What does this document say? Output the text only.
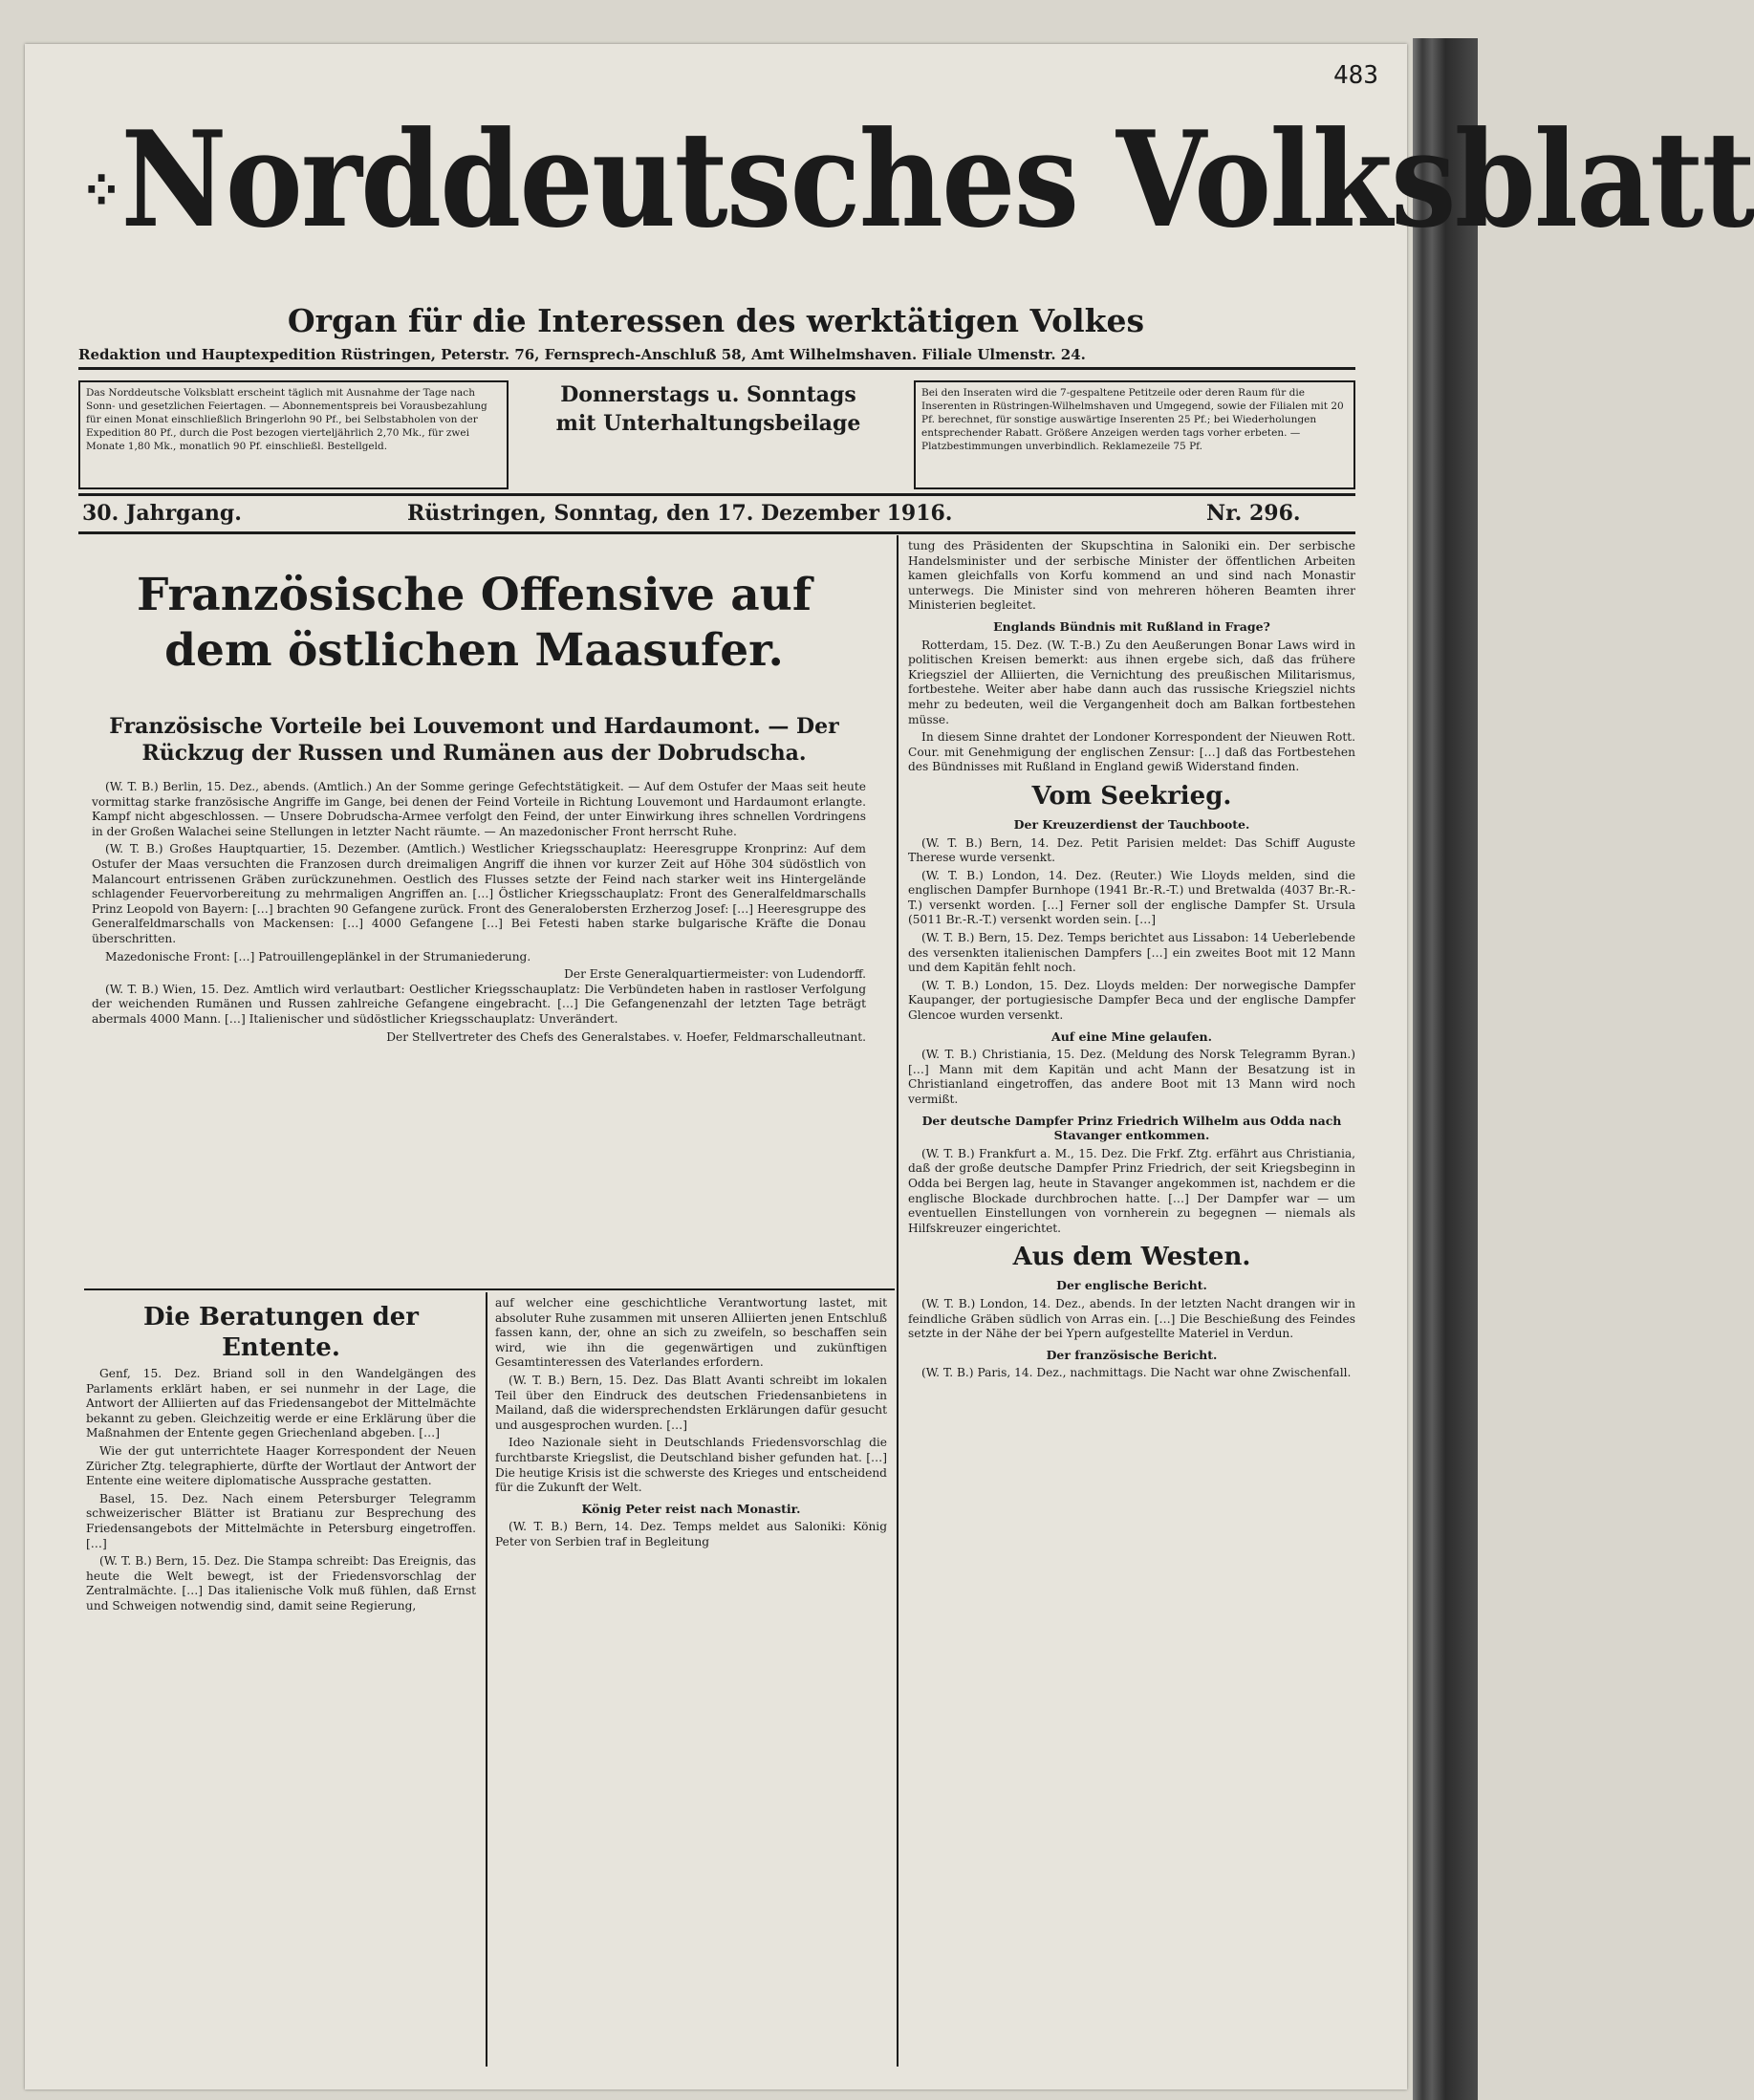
483
⁘Norddeutsches Volksblatt
Organ für die Interessen des werktätigen Volkes
Redaktion und Hauptexpedition Rüstringen, Peterstr. 76, Fernsprech-Anschluß 58, Amt Wilhelmshaven. Filiale Ulmenstr. 24.
Das Norddeutsche Volksblatt erscheint täglich mit Ausnahme der Tage nach Sonn- und gesetzlichen Feiertagen. — Abonnementspreis bei Vorausbezahlung für einen Monat einschließlich Bringerlohn 90 Pf., bei Selbstabholen von der Expedition 80 Pf., durch die Post bezogen vierteljährlich 2,70 Mk., für zwei Monate 1,80 Mk., monatlich 90 Pf. einschließl. Bestellgeld.
Donnerstags u. Sonntags
mit Unterhaltungsbeilage
Bei den Inseraten wird die 7-gespaltene Petitzeile oder deren Raum für die Inserenten in Rüstringen-Wilhelmshaven und Umgegend, sowie der Filialen mit 20 Pf. berechnet, für sonstige auswärtige Inserenten 25 Pf.; bei Wiederholungen entsprechender Rabatt. Größere Anzeigen werden tags vorher erbeten. — Platzbestimmungen unverbindlich. Reklamezeile 75 Pf.
30. Jahrgang.	Rüstringen, Sonntag, den 17. Dezember 1916.	Nr. 296.
Französische Offensive auf dem östlichen Maasufer.
Französische Vorteile bei Louvemont und Hardaumont. — Der Rückzug der Russen und Rumänen aus der Dobrudscha.

(W. T. B.) Berlin, 15. Dez., abends. (Amtlich.) An der Somme geringe Gefechtstätigkeit. — Auf dem Ostufer der Maas seit heute vormittag starke französische Angriffe im Gange, bei denen der Feind Vorteile in Richtung Louvemont und Hardaumont erlangte. Kampf nicht abgeschlossen. — Unsere Dobrudscha-Armee verfolgt den Feind, der unter Einwirkung ihres schnellen Vordringens in der Großen Walachei seine Stellungen in letzter Nacht räumte. — An mazedonischer Front herrscht Ruhe.

(W. T. B.) Großes Hauptquartier, 15. Dezember. (Amtlich.) Westlicher Kriegsschauplatz: Heeresgruppe Kronprinz: Auf dem Ostufer der Maas versuchten die Franzosen durch dreimaligen Angriff die ihnen vor kurzer Zeit auf Höhe 304 südöstlich von Malancourt entrissenen Gräben zurückzunehmen. Oestlich des Flusses setzte der Feind nach starker weit ins Hintergelände schlagender Feuervorbereitung zu mehrmaligen Angriffen an. […] Östlicher Kriegsschauplatz: Front des Generalfeldmarschalls Prinz Leopold von Bayern: […] brachten 90 Gefangene zurück. Front des Generalobersten Erzherzog Josef: […] Heeresgruppe des Generalfeldmarschalls von Mackensen: […] 4000 Gefangene […] Bei Fetesti haben starke bulgarische Kräfte die Donau überschritten.

Mazedonische Front: […] Patrouillengeplänkel in der Strumaniederung.

Der Erste Generalquartiermeister: von Ludendorff.

(W. T. B.) Wien, 15. Dez. Amtlich wird verlautbart: Oestlicher Kriegsschauplatz: Die Verbündeten haben in rastloser Verfolgung der weichenden Rumänen und Russen zahlreiche Gefangene eingebracht. […] Die Gefangenenzahl der letzten Tage beträgt abermals 4000 Mann. […] Italienischer und südöstlicher Kriegsschauplatz: Unverändert.

Der Stellvertreter des Chefs des Generalstabes. v. Hoefer, Feldmarschalleutnant.
Die Beratungen der Entente.

Genf, 15. Dez. Briand soll in den Wandelgängen des Parlaments erklärt haben, er sei nunmehr in der Lage, die Antwort der Alliierten auf das Friedensangebot der Mittelmächte bekannt zu geben. Gleichzeitig werde er eine Erklärung über die Maßnahmen der Entente gegen Griechenland abgeben. […]

Wie der gut unterrichtete Haager Korrespondent der Neuen Züricher Ztg. telegraphierte, dürfte der Wortlaut der Antwort der Entente eine weitere diplomatische Aussprache gestatten.

Basel, 15. Dez. Nach einem Petersburger Telegramm schweizerischer Blätter ist Bratianu zur Besprechung des Friedensangebots der Mittelmächte in Petersburg eingetroffen. […]

(W. T. B.) Bern, 15. Dez. Die Stampa schreibt: Das Ereignis, das heute die Welt bewegt, ist der Friedensvorschlag der Zentralmächte. […] Das italienische Volk muß fühlen, daß Ernst und Schweigen notwendig sind, damit seine Regierung,

auf welcher eine geschichtliche Verantwortung lastet, mit absoluter Ruhe zusammen mit unseren Alliierten jenen Entschluß fassen kann, der, ohne an sich zu zweifeln, so beschaffen sein wird, wie ihn die gegenwärtigen und zukünftigen Gesamtinteressen des Vaterlandes erfordern.

(W. T. B.) Bern, 15. Dez. Das Blatt Avanti schreibt im lokalen Teil über den Eindruck des deutschen Friedensanbietens in Mailand, daß die widersprechendsten Erklärungen dafür gesucht und ausgesprochen wurden. […]

Ideo Nazionale sieht in Deutschlands Friedensvorschlag die furchtbarste Kriegslist, die Deutschland bisher gefunden hat. […] Die heutige Krisis ist die schwerste des Krieges und entscheidend für die Zukunft der Welt.

König Peter reist nach Monastir.

(W. T. B.) Bern, 14. Dez. Temps meldet aus Saloniki: König Peter von Serbien traf in Begleitung

tung des Präsidenten der Skupschtina in Saloniki ein. Der serbische Handelsminister und der serbische Minister der öffentlichen Arbeiten kamen gleichfalls von Korfu kommend an und sind nach Monastir unterwegs. Die Minister sind von mehreren höheren Beamten ihrer Ministerien begleitet.

Englands Bündnis mit Rußland in Frage?

Rotterdam, 15. Dez. (W. T.-B.) Zu den Aeußerungen Bonar Laws wird in politischen Kreisen bemerkt: aus ihnen ergebe sich, daß das frühere Kriegsziel der Alliierten, die Vernichtung des preußischen Militarismus, fortbestehe. Weiter aber habe dann auch das russische Kriegsziel nichts mehr zu bedeuten, weil die Vergangenheit doch am Balkan fortbestehen müsse.

In diesem Sinne drahtet der Londoner Korrespondent der Nieuwen Rott. Cour. mit Genehmigung der englischen Zensur: […] daß das Fortbestehen des Bündnisses mit Rußland in England gewiß Widerstand finden.

Vom Seekrieg.
Der Kreuzerdienst der Tauchboote.

(W. T. B.) Bern, 14. Dez. Petit Parisien meldet: Das Schiff Auguste Therese wurde versenkt.

(W. T. B.) London, 14. Dez. (Reuter.) Wie Lloyds melden, sind die englischen Dampfer Burnhope (1941 Br.-R.-T.) und Bretwalda (4037 Br.-R.-T.) versenkt worden. […] Ferner soll der englische Dampfer St. Ursula (5011 Br.-R.-T.) versenkt worden sein. […]

(W. T. B.) Bern, 15. Dez. Temps berichtet aus Lissabon: 14 Ueberlebende des versenkten italienischen Dampfers […] ein zweites Boot mit 12 Mann und dem Kapitän fehlt noch.

(W. T. B.) London, 15. Dez. Lloyds melden: Der norwegische Dampfer Kaupanger, der portugiesische Dampfer Beca und der englische Dampfer Glencoe wurden versenkt.

Auf eine Mine gelaufen.

(W. T. B.) Christiania, 15. Dez. (Meldung des Norsk Telegramm Byran.) […] Mann mit dem Kapitän und acht Mann der Besatzung ist in Christianland eingetroffen, das andere Boot mit 13 Mann wird noch vermißt.

Der deutsche Dampfer Prinz Friedrich Wilhelm aus Odda nach Stavanger entkommen.

(W. T. B.) Frankfurt a. M., 15. Dez. Die Frkf. Ztg. erfährt aus Christiania, daß der große deutsche Dampfer Prinz Friedrich, der seit Kriegsbeginn in Odda bei Bergen lag, heute in Stavanger angekommen ist, nachdem er die englische Blockade durchbrochen hatte. […] Der Dampfer war — um eventuellen Einstellungen von vornherein zu begegnen — niemals als Hilfskreuzer eingerichtet.

Aus dem Westen.
Der englische Bericht.

(W. T. B.) London, 14. Dez., abends. In der letzten Nacht drangen wir in feindliche Gräben südlich von Arras ein. […] Die Beschießung des Feindes setzte in der Nähe der bei Ypern aufgestellte Materiel in Verdun.

Der französische Bericht.

(W. T. B.) Paris, 14. Dez., nachmittags. Die Nacht war ohne Zwischenfall.
